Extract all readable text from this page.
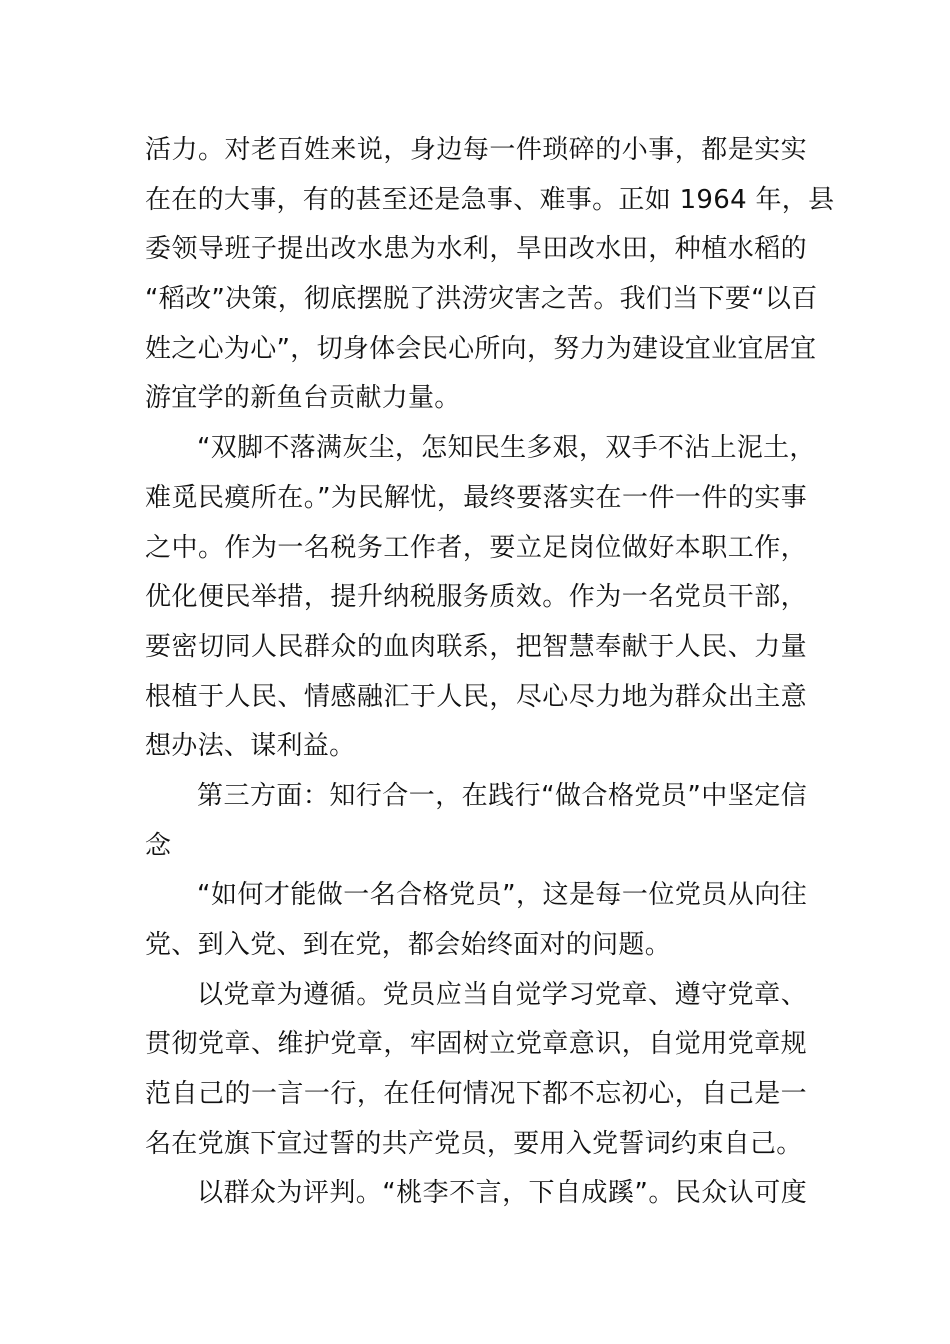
活力。对老百姓来说，身边每一件琐碎的小事，都是实实
在在的大事，有的甚至还是急事、难事。正如 1964 年，县
委领导班子提出改水患为水利，旱田改水田，种植水稻的
“稻改”决策，彻底摆脱了洪涝灾害之苦。我们当下要“以百
姓之心为心”，切身体会民心所向，努力为建设宜业宜居宜
游宜学的新鱼台贡献力量。
“双脚不落满灰尘，怎知民生多艰，双手不沾上泥土，
难觅民瘼所在。”为民解忧，最终要落实在一件一件的实事
之中。作为一名税务工作者，要立足岗位做好本职工作，
优化便民举措，提升纳税服务质效。作为一名党员干部，
要密切同人民群众的血肉联系，把智慧奉献于人民、力量
根植于人民、情感融汇于人民，尽心尽力地为群众出主意
想办法、谋利益。
第三方面：知行合一，在践行“做合格党员”中坚定信
念
“如何才能做一名合格党员”，这是每一位党员从向往
党、到入党、到在党，都会始终面对的问题。
以党章为遵循。党员应当自觉学习党章、遵守党章、
贯彻党章、维护党章，牢固树立党章意识，自觉用党章规
范自己的一言一行，在任何情况下都不忘初心，自己是一
名在党旗下宣过誓的共产党员，要用入党誓词约束自己。
以群众为评判。“桃李不言，下自成蹊”。民众认可度
